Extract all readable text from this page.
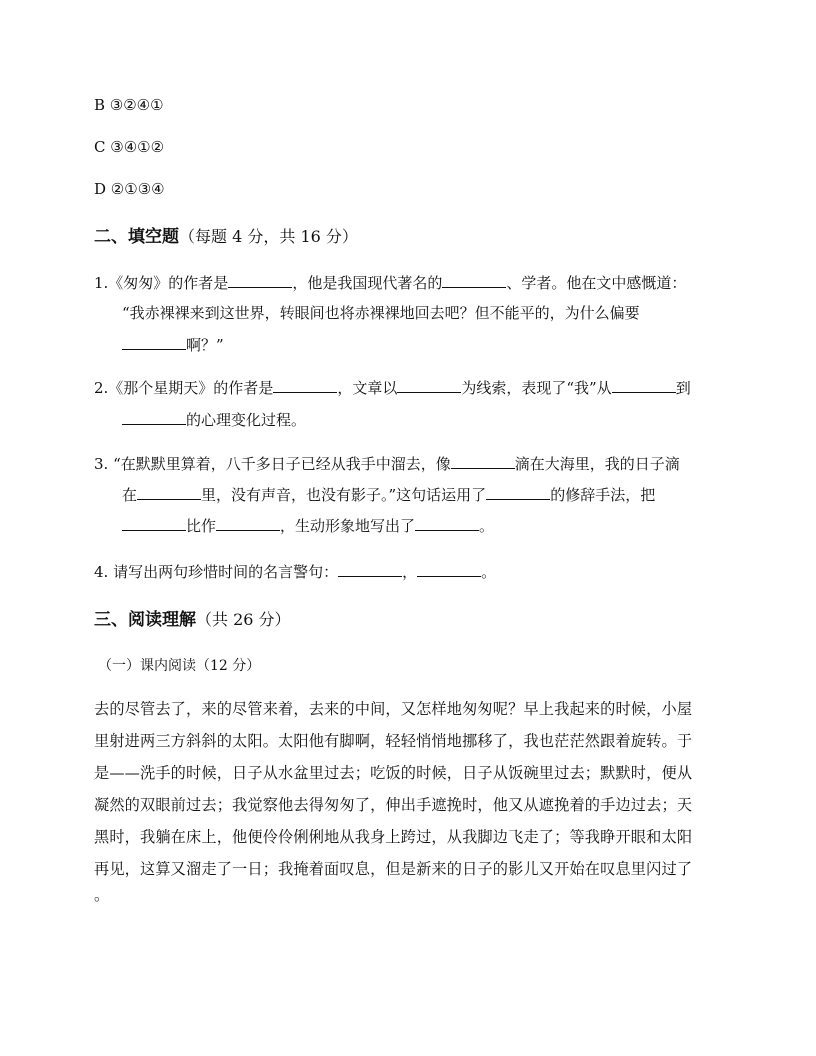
B ③②④①
C ③④①②
D ②①③④
二、填空题（每题 4 分，共 16 分）
1.《匆匆》的作者是	，他是我国现代著名的	、学者。他在文中感慨道：
“我赤裸裸来到这世界，转眼间也将赤裸裸地回去吧？但不能平的，为什么偏要
啊？”
2.《那个星期天》的作者是	，文章以	为线索，表现了“我”从	到
的心理变化过程。
3. “在默默里算着，八千多日子已经从我手中溜去，像	滴在大海里，我的日子滴
在	里，没有声音，也没有影子。”这句话运用了	的修辞手法，把
比作	，生动形象地写出了	。
4. 请写出两句珍惜时间的名言警句：	，	。
三、阅读理解（共 26 分）
（一）课内阅读（12 分）
去的尽管去了，来的尽管来着，去来的中间，又怎样地匆匆呢？早上我起来的时候，小屋
里射进两三方斜斜的太阳。太阳他有脚啊，轻轻悄悄地挪移了，我也茫茫然跟着旋转。于
是——洗手的时候，日子从水盆里过去；吃饭的时候，日子从饭碗里过去；默默时，便从
凝然的双眼前过去；我觉察他去得匆匆了，伸出手遮挽时，他又从遮挽着的手边过去；天
黑时，我躺在床上，他便伶伶俐俐地从我身上跨过，从我脚边飞走了；等我睁开眼和太阳
再见，这算又溜走了一日；我掩着面叹息，但是新来的日子的影儿又开始在叹息里闪过了
。
